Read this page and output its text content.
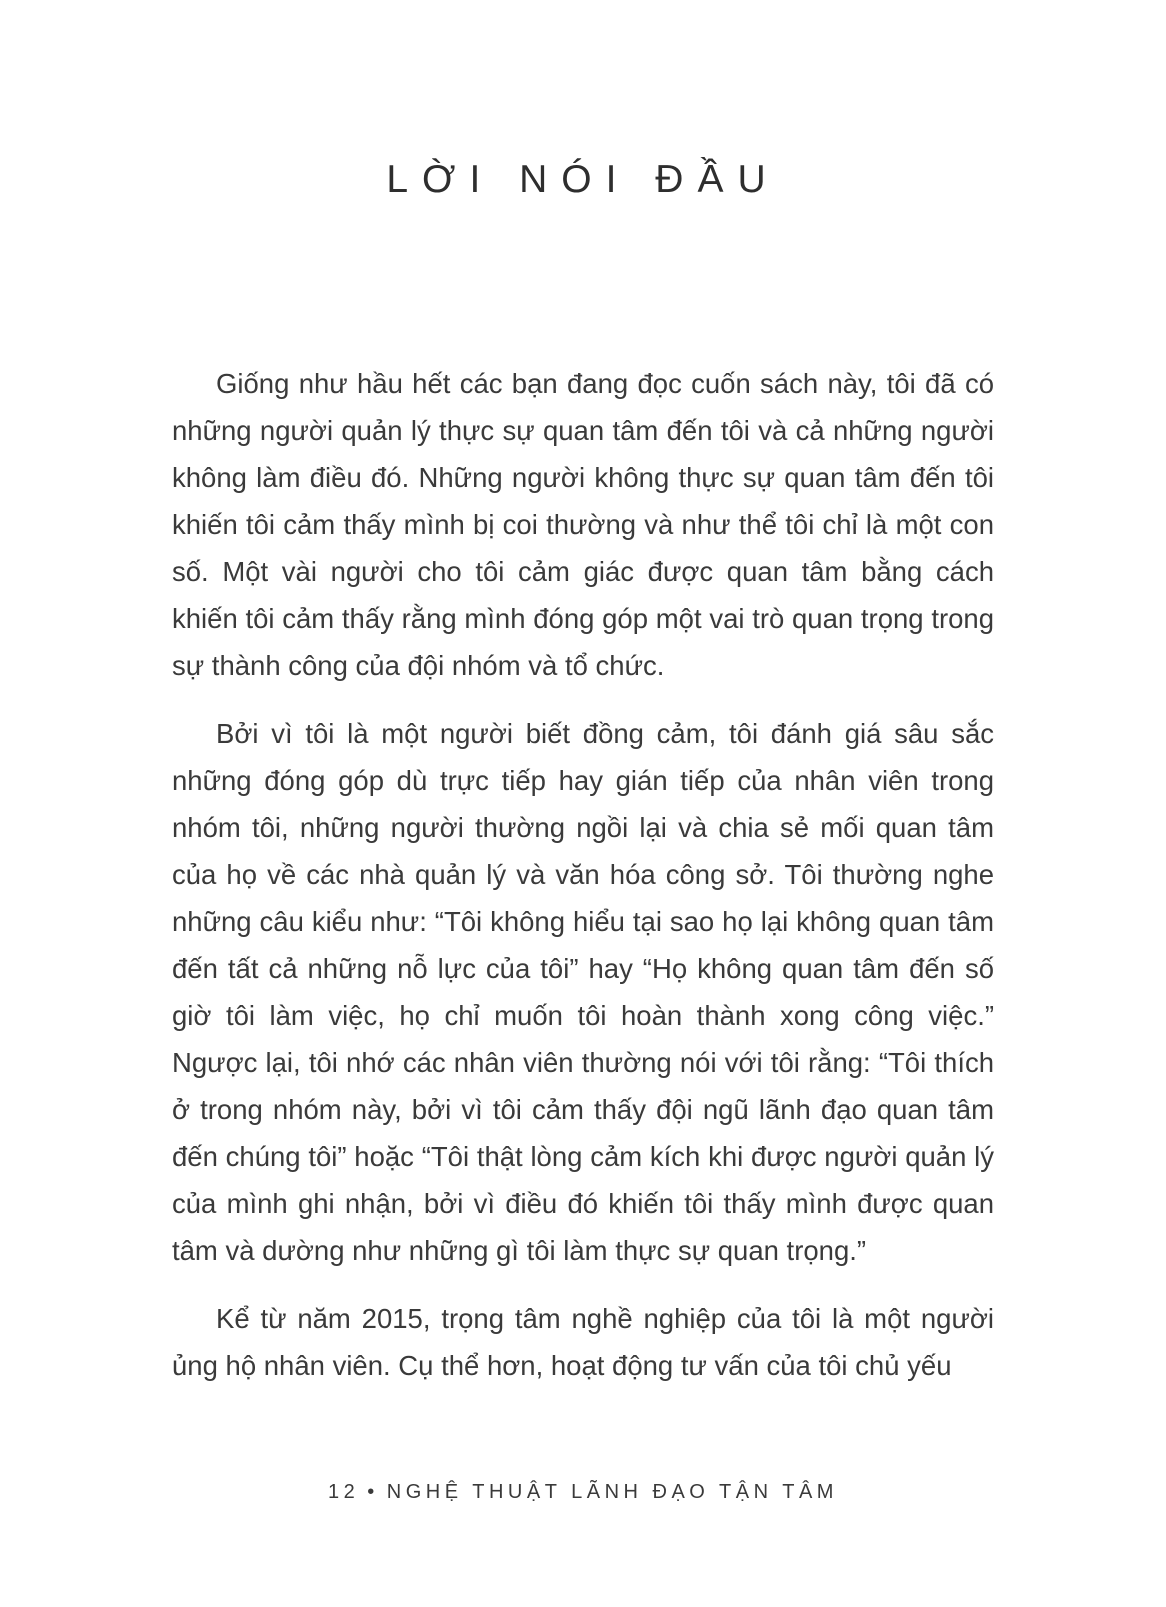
LỜI NÓI ĐẦU

Giống như hầu hết các bạn đang đọc cuốn sách này, tôi đã có những người quản lý thực sự quan tâm đến tôi và cả những người không làm điều đó. Những người không thực sự quan tâm đến tôi khiến tôi cảm thấy mình bị coi thường và như thể tôi chỉ là một con số. Một vài người cho tôi cảm giác được quan tâm bằng cách khiến tôi cảm thấy rằng mình đóng góp một vai trò quan trọng trong sự thành công của đội nhóm và tổ chức.

Bởi vì tôi là một người biết đồng cảm, tôi đánh giá sâu sắc những đóng góp dù trực tiếp hay gián tiếp của nhân viên trong nhóm tôi, những người thường ngồi lại và chia sẻ mối quan tâm của họ về các nhà quản lý và văn hóa công sở. Tôi thường nghe những câu kiểu như: “Tôi không hiểu tại sao họ lại không quan tâm đến tất cả những nỗ lực của tôi” hay “Họ không quan tâm đến số giờ tôi làm việc, họ chỉ muốn tôi hoàn thành xong công việc.” Ngược lại, tôi nhớ các nhân viên thường nói với tôi rằng: “Tôi thích ở trong nhóm này, bởi vì tôi cảm thấy đội ngũ lãnh đạo quan tâm đến chúng tôi” hoặc “Tôi thật lòng cảm kích khi được người quản lý của mình ghi nhận, bởi vì điều đó khiến tôi thấy mình được quan tâm và dường như những gì tôi làm thực sự quan trọng.”

Kể từ năm 2015, trọng tâm nghề nghiệp của tôi là một người ủng hộ nhân viên. Cụ thể hơn, hoạt động tư vấn của tôi chủ yếu

12 • NGHỆ THUẬT LÃNH ĐẠO TẬN TÂM
